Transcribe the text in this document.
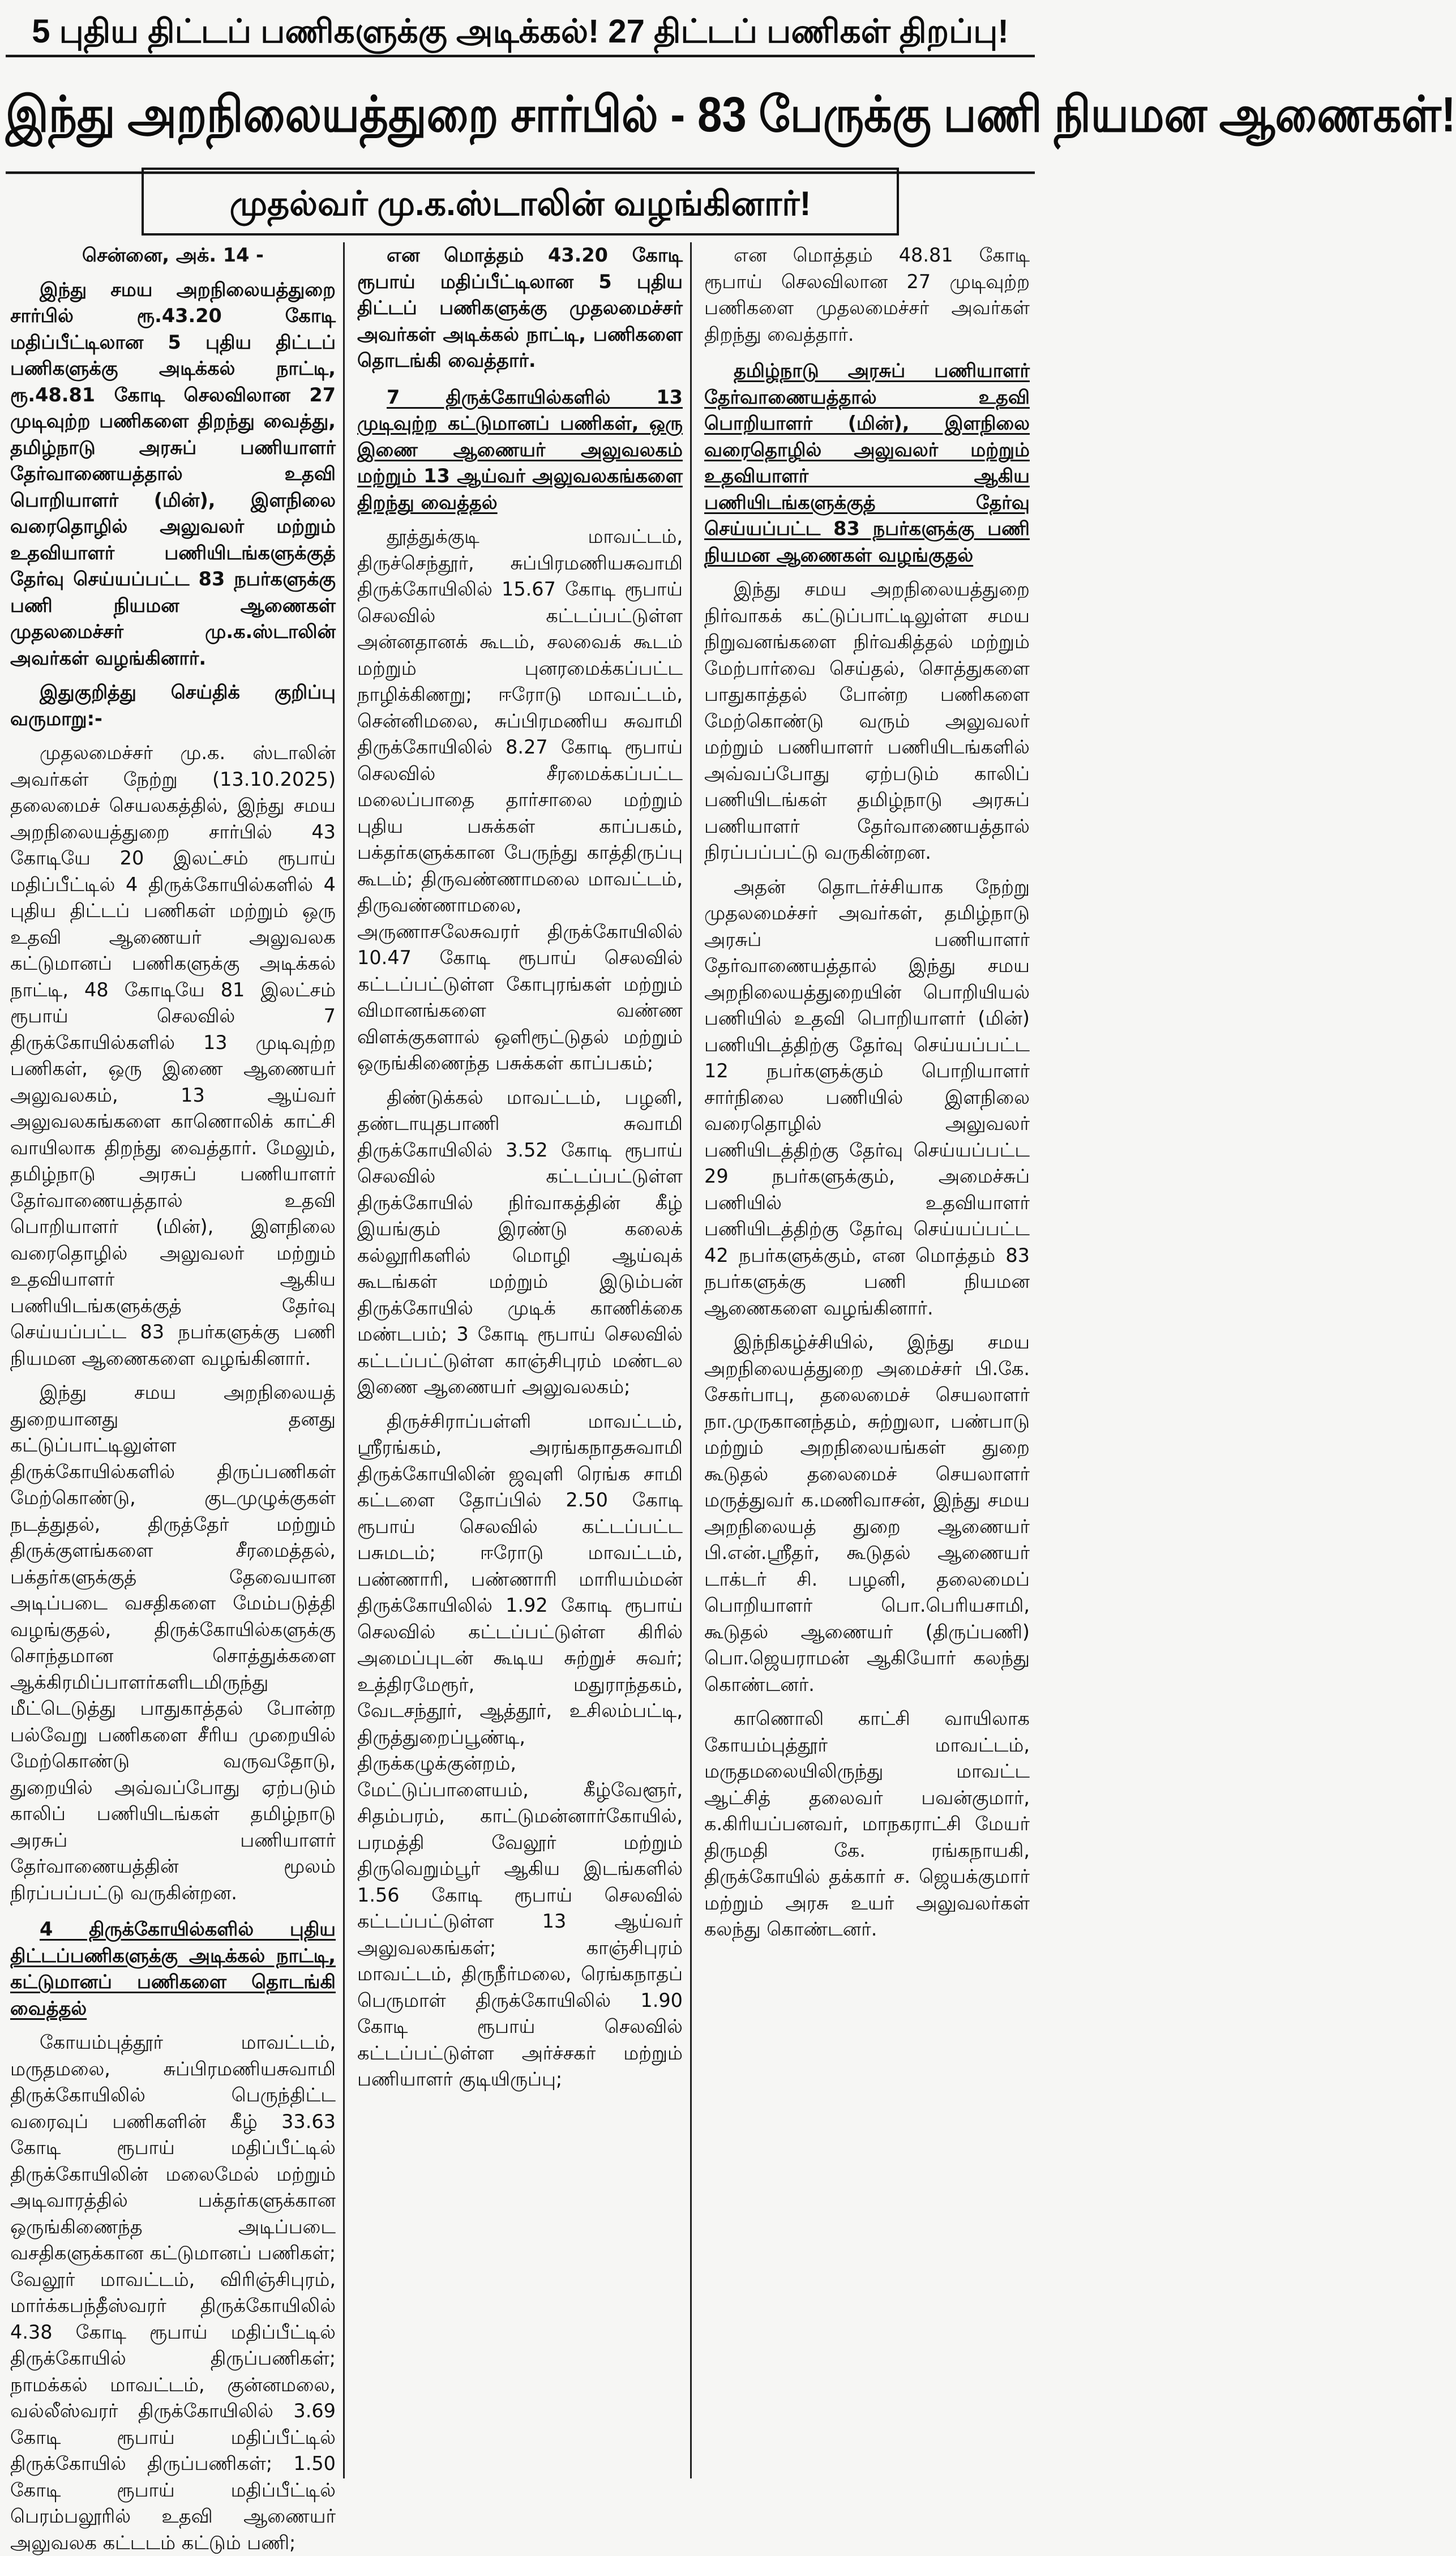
5 புதிய திட்டப் பணிகளுக்கு அடிக்கல்! 27 திட்டப் பணிகள் திறப்பு!
இந்து அறநிலையத்துறை சார்பில் - 83 பேருக்கு பணி நியமன ஆணைகள்!
முதல்வர் மு.க.ஸ்டாலின் வழங்கினார்!

சென்னை, அக். 14 -

இந்து சமய அறநிலையத்துறை சார்பில் ரூ.43.20 கோடி மதிப்பீட்டிலான 5 புதிய திட்டப் பணிகளுக்கு அடிக்கல் நாட்டி, ரூ.48.81 கோடி செலவிலான 27 முடிவுற்ற பணிகளை திறந்து வைத்து, தமிழ்நாடு அரசுப் பணியாளர் தேர்வாணையத்தால் உதவி பொறியாளர் (மின்), இளநிலை வரைதொழில் அலுவலர் மற்றும் உதவியாளர் பணியிடங்களுக்குத் தேர்வு செய்யப்பட்ட 83 நபர்களுக்கு பணி நியமன ஆணைகள் முதலமைச்சர் மு.க.ஸ்டாலின் அவர்கள் வழங்கினார்.

இதுகுறித்து செய்திக் குறிப்பு வருமாறு:-

முதலமைச்சர் மு.க. ஸ்டாலின் அவர்கள் நேற்று (13.10.2025) தலைமைச் செயலகத்தில், இந்து சமய அறநிலையத்துறை சார்பில் 43 கோடியே 20 இலட்சம் ரூபாய் மதிப்பீட்டில் 4 திருக்கோயில்களில் 4 புதிய திட்டப் பணிகள் மற்றும் ஒரு உதவி ஆணையர் அலுவலக கட்டுமானப் பணிகளுக்கு அடிக்கல் நாட்டி, 48 கோடியே 81 இலட்சம் ரூபாய் செலவில் 7 திருக்கோயில்களில் 13 முடிவுற்ற பணிகள், ஒரு இணை ஆணையர் அலுவலகம், 13 ஆய்வர் அலுவலகங்களை காணொலிக் காட்சி வாயிலாக திறந்து வைத்தார். மேலும், தமிழ்நாடு அரசுப் பணியாளர் தேர்வாணையத்தால் உதவி பொறியாளர் (மின்), இளநிலை வரைதொழில் அலுவலர் மற்றும் உதவியாளர் ஆகிய பணியிடங்களுக்குத் தேர்வு செய்யப்பட்ட 83 நபர்களுக்கு பணி நியமன ஆணைகளை வழங்கினார்.

இந்து சமய அறநிலையத் துறையானது தனது கட்டுப்பாட்டிலுள்ள திருக்கோயில்களில் திருப்பணிகள் மேற்கொண்டு, குடமுழுக்குகள் நடத்துதல், திருத்தேர் மற்றும் திருக்குளங்களை சீரமைத்தல், பக்தர்களுக்குத் தேவையான அடிப்படை வசதிகளை மேம்படுத்தி வழங்குதல், திருக்கோயில்களுக்கு சொந்தமான சொத்துக்களை ஆக்கிரமிப்பாளர்களிடமிருந்து மீட்டெடுத்து பாதுகாத்தல் போன்ற பல்வேறு பணிகளை சீரிய முறையில் மேற்கொண்டு வருவதோடு, துறையில் அவ்வப்போது ஏற்படும் காலிப் பணியிடங்கள் தமிழ்நாடு அரசுப் பணியாளர் தேர்வாணையத்தின் மூலம் நிரப்பப்பட்டு வருகின்றன.

4 திருக்கோயில்களில் புதிய திட்டப்பணிகளுக்கு அடிக்கல் நாட்டி, கட்டுமானப் பணிகளை தொடங்கி வைத்தல்

கோயம்புத்தூர் மாவட்டம், மருதமலை, சுப்பிரமணியசுவாமி திருக்கோயிலில் பெருந்திட்ட வரைவுப் பணிகளின் கீழ் 33.63 கோடி ரூபாய் மதிப்பீட்டில் திருக்கோயிலின் மலைமேல் மற்றும் அடிவாரத்தில் பக்தர்களுக்கான ஒருங்கிணைந்த அடிப்படை வசதிகளுக்கான கட்டுமானப் பணிகள்; வேலூர் மாவட்டம், விரிஞ்சிபுரம், மார்க்கபந்தீஸ்வரர் திருக்கோயிலில் 4.38 கோடி ரூபாய் மதிப்பீட்டில் திருக்கோயில் திருப்பணிகள்; நாமக்கல் மாவட்டம், குன்னமலை, வல்லீஸ்வரர் திருக்கோயிலில் 3.69 கோடி ரூபாய் மதிப்பீட்டில் திருக்கோயில் திருப்பணிகள்; 1.50 கோடி ரூபாய் மதிப்பீட்டில் பெரம்பலூரில் உதவி ஆணையர் அலுவலக கட்டடம் கட்டும் பணி;

என மொத்தம் 43.20 கோடி ரூபாய் மதிப்பீட்டிலான 5 புதிய திட்டப் பணிகளுக்கு முதலமைச்சர் அவர்கள் அடிக்கல் நாட்டி, பணிகளை தொடங்கி வைத்தார்.

7 திருக்கோயில்களில் 13 முடிவுற்ற கட்டுமானப் பணிகள், ஒரு இணை ஆணையர் அலுவலகம் மற்றும் 13 ஆய்வர் அலுவலகங்களை திறந்து வைத்தல்

தூத்துக்குடி மாவட்டம், திருச்செந்தூர், சுப்பிரமணியசுவாமி திருக்கோயிலில் 15.67 கோடி ரூபாய் செலவில் கட்டப்பட்டுள்ள அன்னதானக் கூடம், சலவைக் கூடம் மற்றும் புனரமைக்கப்பட்ட நாழிக்கிணறு; ஈரோடு மாவட்டம், சென்னிமலை, சுப்பிரமணிய சுவாமி திருக்கோயிலில் 8.27 கோடி ரூபாய் செலவில் சீரமைக்கப்பட்ட மலைப்பாதை தார்சாலை மற்றும் புதிய பசுக்கள் காப்பகம், பக்தர்களுக்கான பேருந்து காத்திருப்பு கூடம்; திருவண்ணாமலை மாவட்டம், திருவண்ணாமலை, அருணாசலேசுவரர் திருக்கோயிலில் 10.47 கோடி ரூபாய் செலவில் கட்டப்பட்டுள்ள கோபுரங்கள் மற்றும் விமானங்களை வண்ண விளக்குகளால் ஒளிரூட்டுதல் மற்றும் ஒருங்கிணைந்த பசுக்கள் காப்பகம்;

திண்டுக்கல் மாவட்டம், பழனி, தண்டாயுதபாணி சுவாமி திருக்கோயிலில் 3.52 கோடி ரூபாய் செலவில் கட்டப்பட்டுள்ள திருக்கோயில் நிர்வாகத்தின் கீழ் இயங்கும் இரண்டு கலைக் கல்லூரிகளில் மொழி ஆய்வுக் கூடங்கள் மற்றும் இடும்பன் திருக்கோயில் முடிக் காணிக்கை மண்டபம்; 3 கோடி ரூபாய் செலவில் கட்டப்பட்டுள்ள காஞ்சிபுரம் மண்டல இணை ஆணையர் அலுவலகம்;

திருச்சிராப்பள்ளி மாவட்டம், ஸ்ரீரங்கம், அரங்கநாதசுவாமி திருக்கோயிலின் ஜவுளி ரெங்க சாமி கட்டளை தோப்பில் 2.50 கோடி ரூபாய் செலவில் கட்டப்பட்ட பசுமடம்; ஈரோடு மாவட்டம், பண்ணாரி, பண்ணாரி மாரியம்மன் திருக்கோயிலில் 1.92 கோடி ரூபாய் செலவில் கட்டப்பட்டுள்ள கிரில் அமைப்புடன் கூடிய சுற்றுச் சுவர்; உத்திரமேரூர், மதுராந்தகம், வேடசந்தூர், ஆத்தூர், உசிலம்பட்டி, திருத்துறைப்பூண்டி, திருக்கழுக்குன்றம், மேட்டுப்பாளையம், கீழ்வேளூர், சிதம்பரம், காட்டுமன்னார்கோயில், பரமத்தி வேலூர் மற்றும் திருவெறும்பூர் ஆகிய இடங்களில் 1.56 கோடி ரூபாய் செலவில் கட்டப்பட்டுள்ள 13 ஆய்வர் அலுவலகங்கள்; காஞ்சிபுரம் மாவட்டம், திருநீர்மலை, ரெங்கநாதப் பெருமாள் திருக்கோயிலில் 1.90 கோடி ரூபாய் செலவில் கட்டப்பட்டுள்ள அர்ச்சகர் மற்றும் பணியாளர் குடியிருப்பு;

என மொத்தம் 48.81 கோடி ரூபாய் செலவிலான 27 முடிவுற்ற பணிகளை முதலமைச்சர் அவர்கள் திறந்து வைத்தார்.

தமிழ்நாடு அரசுப் பணியாளர் தேர்வாணையத்தால் உதவி பொறியாளர் (மின்), இளநிலை வரைதொழில் அலுவலர் மற்றும் உதவியாளர் ஆகிய பணியிடங்களுக்குத் தேர்வு செய்யப்பட்ட 83 நபர்களுக்கு பணி நியமன ஆணைகள் வழங்குதல்

இந்து சமய அறநிலையத்துறை நிர்வாகக் கட்டுப்பாட்டிலுள்ள சமய நிறுவனங்களை நிர்வகித்தல் மற்றும் மேற்பார்வை செய்தல், சொத்துகளை பாதுகாத்தல் போன்ற பணிகளை மேற்கொண்டு வரும் அலுவலர் மற்றும் பணியாளர் பணியிடங்களில் அவ்வப்போது ஏற்படும் காலிப் பணியிடங்கள் தமிழ்நாடு அரசுப் பணியாளர் தேர்வாணையத்தால் நிரப்பப்பட்டு வருகின்றன.

அதன் தொடர்ச்சியாக நேற்று முதலமைச்சர் அவர்கள், தமிழ்நாடு அரசுப் பணியாளர் தேர்வாணையத்தால் இந்து சமய அறநிலையத்துறையின் பொறியியல் பணியில் உதவி பொறியாளர் (மின்) பணியிடத்திற்கு தேர்வு செய்யப்பட்ட 12 நபர்களுக்கும் பொறியாளர் சார்நிலை பணியில் இளநிலை வரைதொழில் அலுவலர் பணியிடத்திற்கு தேர்வு செய்யப்பட்ட 29 நபர்களுக்கும், அமைச்சுப் பணியில் உதவியாளர் பணியிடத்திற்கு தேர்வு செய்யப்பட்ட 42 நபர்களுக்கும், என மொத்தம் 83 நபர்களுக்கு பணி நியமன ஆணைகளை வழங்கினார்.

இந்நிகழ்ச்சியில், இந்து சமய அறநிலையத்துறை அமைச்சர் பி.கே. சேகர்பாபு, தலைமைச் செயலாளர் நா.முருகானந்தம், சுற்றுலா, பண்பாடு மற்றும் அறநிலையங்கள் துறை கூடுதல் தலைமைச் செயலாளர் மருத்துவர் க.மணிவாசன், இந்து சமய அறநிலையத் துறை ஆணையர் பி.என்.ஸ்ரீதர், கூடுதல் ஆணையர் டாக்டர் சி. பழனி, தலைமைப் பொறியாளர் பொ.பெரியசாமி, கூடுதல் ஆணையர் (திருப்பணி) பொ.ஜெயராமன் ஆகியோர் கலந்து கொண்டனர்.

காணொலி காட்சி வாயிலாக கோயம்புத்தூர் மாவட்டம், மருதமலையிலிருந்து மாவட்ட ஆட்சித் தலைவர் பவன்குமார், க.கிரியப்பனவர், மாநகராட்சி மேயர் திருமதி கே. ரங்கநாயகி, திருக்கோயில் தக்கார் ச. ஜெயக்குமார் மற்றும் அரசு உயர் அலுவலர்கள் கலந்து கொண்டனர்.
